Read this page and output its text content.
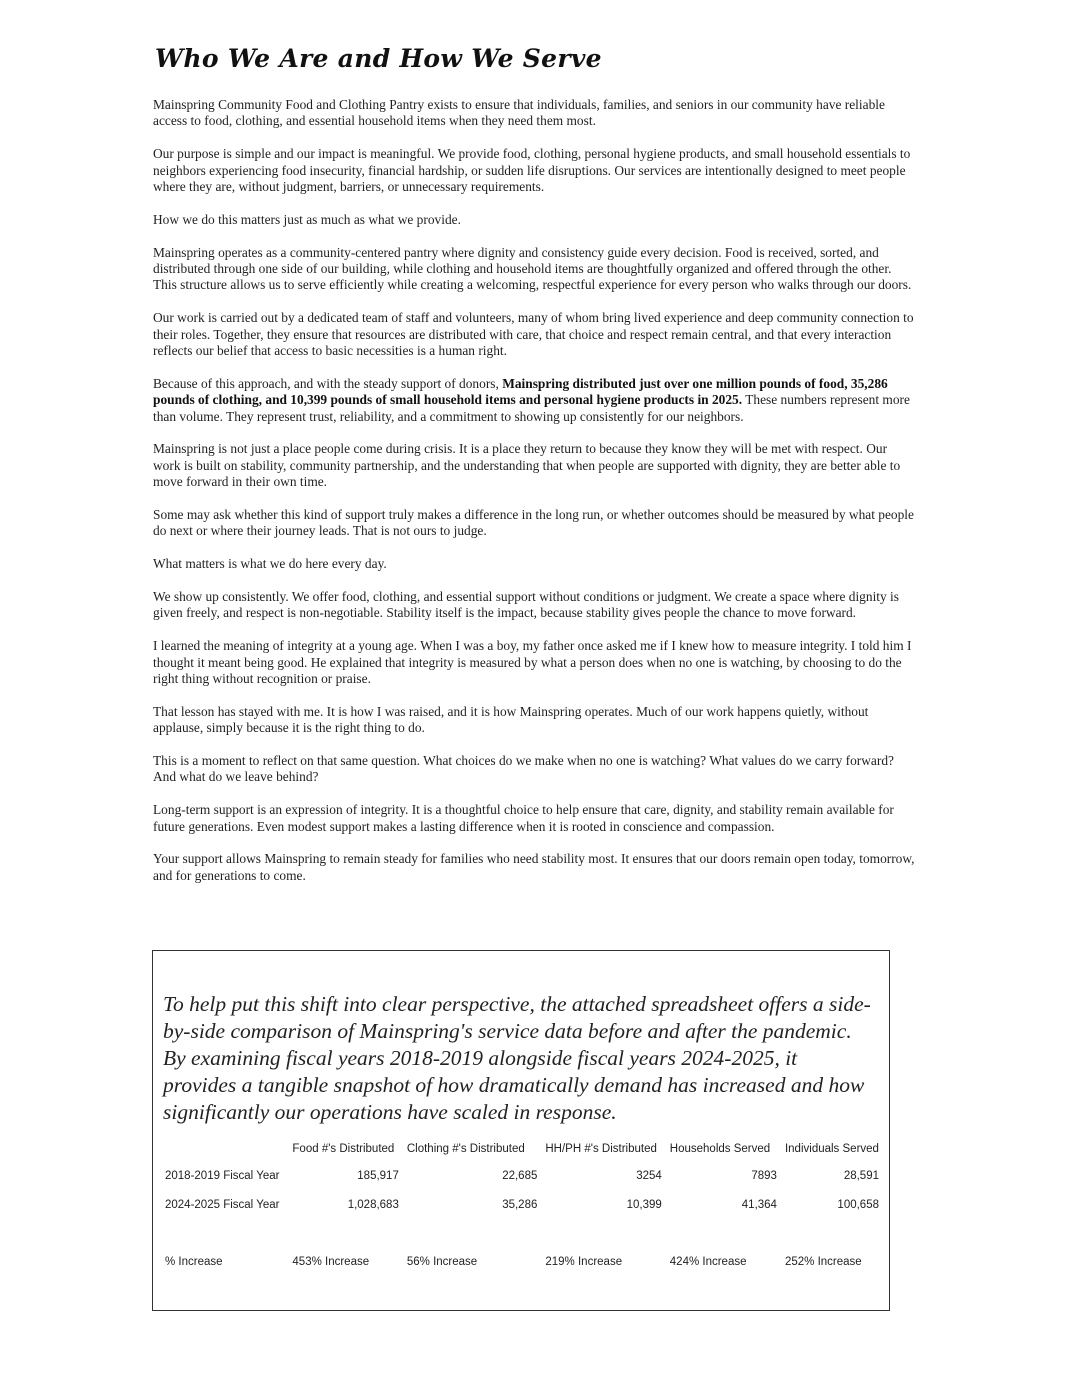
Who We Are and How We Serve

Mainspring Community Food and Clothing Pantry exists to ensure that individuals, families, and seniors in our community have reliable access to food, clothing, and essential household items when they need them most.

Our purpose is simple and our impact is meaningful. We provide food, clothing, personal hygiene products, and small household essentials to neighbors experiencing food insecurity, financial hardship, or sudden life disruptions. Our services are intentionally designed to meet people where they are, without judgment, barriers, or unnecessary requirements.

How we do this matters just as much as what we provide.

Mainspring operates as a community-centered pantry where dignity and consistency guide every decision. Food is received, sorted, and distributed through one side of our building, while clothing and household items are thoughtfully organized and offered through the other. This structure allows us to serve efficiently while creating a welcoming, respectful experience for every person who walks through our doors.

Our work is carried out by a dedicated team of staff and volunteers, many of whom bring lived experience and deep community connection to their roles. Together, they ensure that resources are distributed with care, that choice and respect remain central, and that every interaction reflects our belief that access to basic necessities is a human right.

Because of this approach, and with the steady support of donors, Mainspring distributed just over one million pounds of food, 35,286 pounds of clothing, and 10,399 pounds of small household items and personal hygiene products in 2025. These numbers represent more than volume. They represent trust, reliability, and a commitment to showing up consistently for our neighbors.

Mainspring is not just a place people come during crisis. It is a place they return to because they know they will be met with respect. Our work is built on stability, community partnership, and the understanding that when people are supported with dignity, they are better able to move forward in their own time.

Some may ask whether this kind of support truly makes a difference in the long run, or whether outcomes should be measured by what people do next or where their journey leads. That is not ours to judge.

What matters is what we do here every day.

We show up consistently. We offer food, clothing, and essential support without conditions or judgment. We create a space where dignity is given freely, and respect is non-negotiable. Stability itself is the impact, because stability gives people the chance to move forward.

I learned the meaning of integrity at a young age. When I was a boy, my father once asked me if I knew how to measure integrity. I told him I thought it meant being good. He explained that integrity is measured by what a person does when no one is watching, by choosing to do the right thing without recognition or praise.

That lesson has stayed with me. It is how I was raised, and it is how Mainspring operates. Much of our work happens quietly, without applause, simply because it is the right thing to do.

This is a moment to reflect on that same question. What choices do we make when no one is watching? What values do we carry forward? And what do we leave behind?

Long-term support is an expression of integrity. It is a thoughtful choice to help ensure that care, dignity, and stability remain available for future generations. Even modest support makes a lasting difference when it is rooted in conscience and compassion.

Your support allows Mainspring to remain steady for families who need stability most. It ensures that our doors remain open today, tomorrow, and for generations to come.

To help put this shift into clear perspective, the attached spreadsheet offers a side-by-side comparison of Mainspring's service data before and after the pandemic. By examining fiscal years 2018-2019 alongside fiscal years 2024-2025, it provides a tangible snapshot of how dramatically demand has increased and how significantly our operations have scaled in response.

	Food #'s Distributed	Clothing #'s Distributed	HH/PH #'s Distributed	Households Served	Individuals Served
2018-2019 Fiscal Year	185,917	22,685	3254	7893	28,591
2024-2025 Fiscal Year	1,028,683	35,286	10,399	41,364	100,658

% Increase	453% Increase	56% Increase	219% Increase	424% Increase	252% Increase
